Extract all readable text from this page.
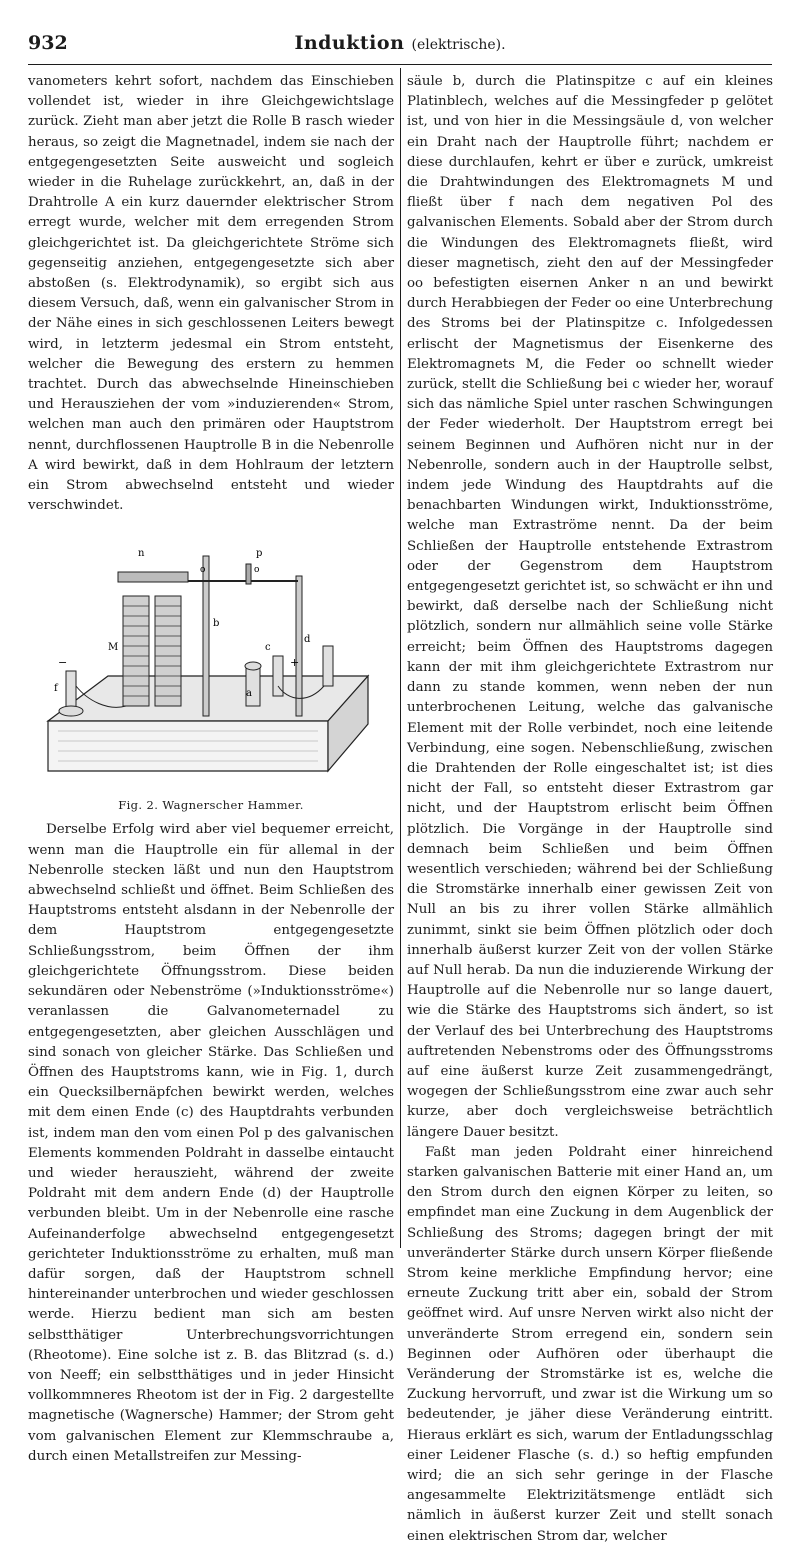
932	Induktion (elektrische).

vanometers kehrt sofort, nachdem das Einschieben vollendet ist, wieder in ihre Gleichgewichtslage zurück. Zieht man aber jetzt die Rolle B rasch wieder heraus, so zeigt die Magnetnadel, indem sie nach der entgegengesetzten Seite ausweicht und sogleich wieder in die Ruhelage zurückkehrt, an, daß in der Drahtrolle A ein kurz dauernder elektrischer Strom erregt wurde, welcher mit dem erregenden Strom gleichgerichtet ist. Da gleichgerichtete Ströme sich gegenseitig anziehen, entgegengesetzte sich aber abstoßen (s. Elektrodynamik), so ergibt sich aus diesem Versuch, daß, wenn ein galvanischer Strom in der Nähe eines in sich geschlossenen Leiters bewegt wird, in letzterm jedesmal ein Strom entsteht, welcher die Bewegung des erstern zu hemmen trachtet. Durch das abwechselnde Hineinschieben und Herausziehen der vom »induzierenden« Strom, welchen man auch den primären oder Hauptstrom nennt, durchflossenen Hauptrolle B in die Nebenrolle A wird bewirkt, daß in dem Hohlraum der letztern ein Strom abwechselnd entsteht und wieder verschwindet.

n	p
o	o
b
M	c
d
a
f
−	+
Fig. 2. Wagnerscher Hammer.

Derselbe Erfolg wird aber viel bequemer erreicht, wenn man die Hauptrolle ein für allemal in der Nebenrolle stecken läßt und nun den Hauptstrom abwechselnd schließt und öffnet. Beim Schließen des Hauptstroms entsteht alsdann in der Nebenrolle der dem Hauptstrom entgegengesetzte Schließungsstrom, beim Öffnen der ihm gleichgerichtete Öffnungsstrom. Diese beiden sekundären oder Nebenströme (»Induktionsströme«) veranlassen die Galvanometernadel zu entgegengesetzten, aber gleichen Ausschlägen und sind sonach von gleicher Stärke. Das Schließen und Öffnen des Hauptstroms kann, wie in Fig. 1, durch ein Quecksilbernäpfchen bewirkt werden, welches mit dem einen Ende (c) des Hauptdrahts verbunden ist, indem man den vom einen Pol p des galvanischen Elements kommenden Poldraht in dasselbe eintaucht und wieder herauszieht, während der zweite Poldraht mit dem andern Ende (d) der Hauptrolle verbunden bleibt. Um in der Nebenrolle eine rasche Aufeinanderfolge abwechselnd entgegengesetzt gerichteter Induktionsströme zu erhalten, muß man dafür sorgen, daß der Hauptstrom schnell hintereinander unterbrochen und wieder geschlossen werde. Hierzu bedient man sich am besten selbstthätiger Unterbrechungsvorrichtungen (Rheotome). Eine solche ist z. B. das Blitzrad (s. d.) von Neeff; ein selbstthätiges und in jeder Hinsicht vollkommneres Rheotom ist der in Fig. 2 dargestellte magnetische (Wagnersche) Hammer; der Strom geht vom galvanischen Element zur Klemmschraube a, durch einen Metallstreifen zur Messing-

säule b, durch die Platinspitze c auf ein kleines Platinblech, welches auf die Messingfeder p gelötet ist, und von hier in die Messingsäule d, von welcher ein Draht nach der Hauptrolle führt; nachdem er diese durchlaufen, kehrt er über e zurück, umkreist die Drahtwindungen des Elektromagnets M und fließt über f nach dem negativen Pol des galvanischen Elements. Sobald aber der Strom durch die Windungen des Elektromagnets fließt, wird dieser magnetisch, zieht den auf der Messingfeder oo befestigten eisernen Anker n an und bewirkt durch Herabbiegen der Feder oo eine Unterbrechung des Stroms bei der Platinspitze c. Infolgedessen erlischt der Magnetismus der Eisenkerne des Elektromagnets M, die Feder oo schnellt wieder zurück, stellt die Schließung bei c wieder her, worauf sich das nämliche Spiel unter raschen Schwingungen der Feder wiederholt. Der Hauptstrom erregt bei seinem Beginnen und Aufhören nicht nur in der Nebenrolle, sondern auch in der Hauptrolle selbst, indem jede Windung des Hauptdrahts auf die benachbarten Windungen wirkt, Induktionsströme, welche man Extraströme nennt. Da der beim Schließen der Hauptrolle entstehende Extrastrom oder der Gegenstrom dem Hauptstrom entgegengesetzt gerichtet ist, so schwächt er ihn und bewirkt, daß derselbe nach der Schließung nicht plötzlich, sondern nur allmählich seine volle Stärke erreicht; beim Öffnen des Hauptstroms dagegen kann der mit ihm gleichgerichtete Extrastrom nur dann zu stande kommen, wenn neben der nun unterbrochenen Leitung, welche das galvanische Element mit der Rolle verbindet, noch eine leitende Verbindung, eine sogen. Nebenschließung, zwischen die Drahtenden der Rolle eingeschaltet ist; ist dies nicht der Fall, so entsteht dieser Extrastrom gar nicht, und der Hauptstrom erlischt beim Öffnen plötzlich. Die Vorgänge in der Hauptrolle sind demnach beim Schließen und beim Öffnen wesentlich verschieden; während bei der Schließung die Stromstärke innerhalb einer gewissen Zeit von Null an bis zu ihrer vollen Stärke allmählich zunimmt, sinkt sie beim Öffnen plötzlich oder doch innerhalb äußerst kurzer Zeit von der vollen Stärke auf Null herab. Da nun die induzierende Wirkung der Hauptrolle auf die Nebenrolle nur so lange dauert, wie die Stärke des Hauptstroms sich ändert, so ist der Verlauf des bei Unterbrechung des Hauptstroms auftretenden Nebenstroms oder des Öffnungsstroms auf eine äußerst kurze Zeit zusammengedrängt, wogegen der Schließungsstrom eine zwar auch sehr kurze, aber doch vergleichsweise beträchtlich längere Dauer besitzt.

Faßt man jeden Poldraht einer hinreichend starken galvanischen Batterie mit einer Hand an, um den Strom durch den eignen Körper zu leiten, so empfindet man eine Zuckung in dem Augenblick der Schließung des Stroms; dagegen bringt der mit unveränderter Stärke durch unsern Körper fließende Strom keine merkliche Empfindung hervor; eine erneute Zuckung tritt aber ein, sobald der Strom geöffnet wird. Auf unsre Nerven wirkt also nicht der unveränderte Strom erregend ein, sondern sein Beginnen oder Aufhören oder überhaupt die Veränderung der Stromstärke ist es, welche die Zuckung hervorruft, und zwar ist die Wirkung um so bedeutender, je jäher diese Veränderung eintritt. Hieraus erklärt es sich, warum der Entladungsschlag einer Leidener Flasche (s. d.) so heftig empfunden wird; die an sich sehr geringe in der Flasche angesammelte Elektrizitätsmenge entlädt sich nämlich in äußerst kurzer Zeit und stellt sonach einen elektrischen Strom dar, welcher
